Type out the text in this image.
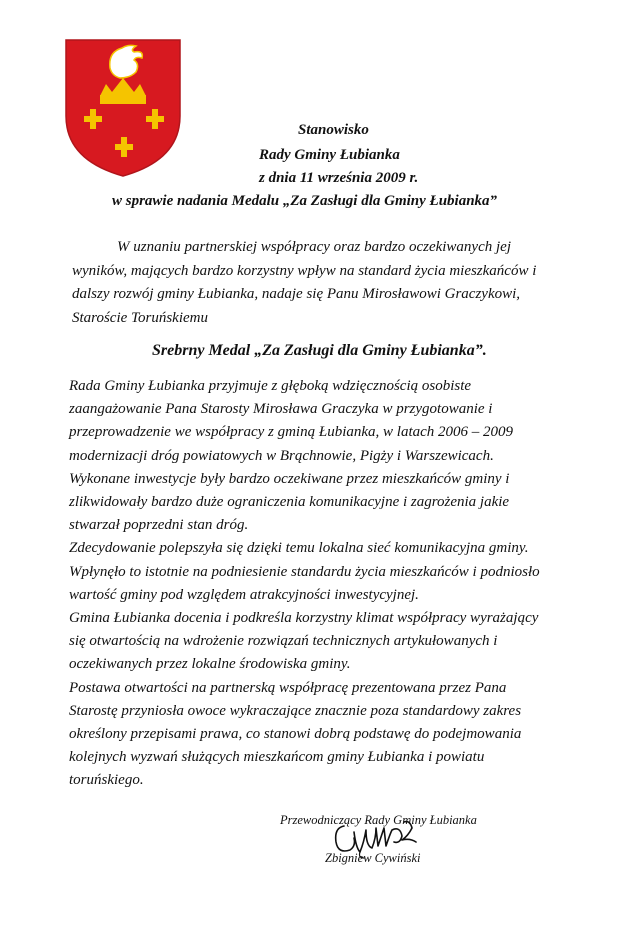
Stanowisko
Rady Gminy Łubianka
z dnia 11 września 2009 r.
w sprawie nadania Medalu „Za Zasługi dla Gminy Łubianka”
W uznaniu partnerskiej współpracy oraz bardzo oczekiwanych jej
wyników, mających bardzo korzystny wpływ na standard życia mieszkańców i
dalszy rozwój gminy Łubianka, nadaje się Panu Mirosławowi Graczykowi,
Staroście Toruńskiemu
Srebrny Medal „Za Zasługi dla Gminy Łubianka”.
Rada Gminy Łubianka przyjmuje z głęboką wdzięcznością osobiste
zaangażowanie Pana Starosty Mirosława Graczyka w przygotowanie i
przeprowadzenie we współpracy z gminą Łubianka, w latach 2006 – 2009
modernizacji dróg powiatowych w Brąchnowie, Pigży i Warszewicach.
Wykonane inwestycje były bardzo oczekiwane przez mieszkańców gminy i
zlikwidowały bardzo duże ograniczenia komunikacyjne i zagrożenia jakie
stwarzał poprzedni stan dróg.
Zdecydowanie polepszyła się dzięki temu lokalna sieć komunikacyjna gminy.
Wpłynęło to istotnie na podniesienie standardu życia mieszkańców i podniosło
wartość gminy pod względem atrakcyjności inwestycyjnej.
Gmina Łubianka docenia i podkreśla korzystny klimat współpracy wyrażający
się otwartością na wdrożenie rozwiązań technicznych artykułowanych i
oczekiwanych przez lokalne środowiska gminy.
Postawa otwartości na partnerską współpracę prezentowana przez Pana
Starostę przyniosła owoce wykraczające znacznie poza standardowy zakres
określony przepisami prawa, co stanowi dobrą podstawę do podejmowania
kolejnych wyzwań służących mieszkańcom gminy Łubianka i powiatu
toruńskiego.
Przewodniczący Rady Gminy Łubianka
Zbigniew Cywiński
